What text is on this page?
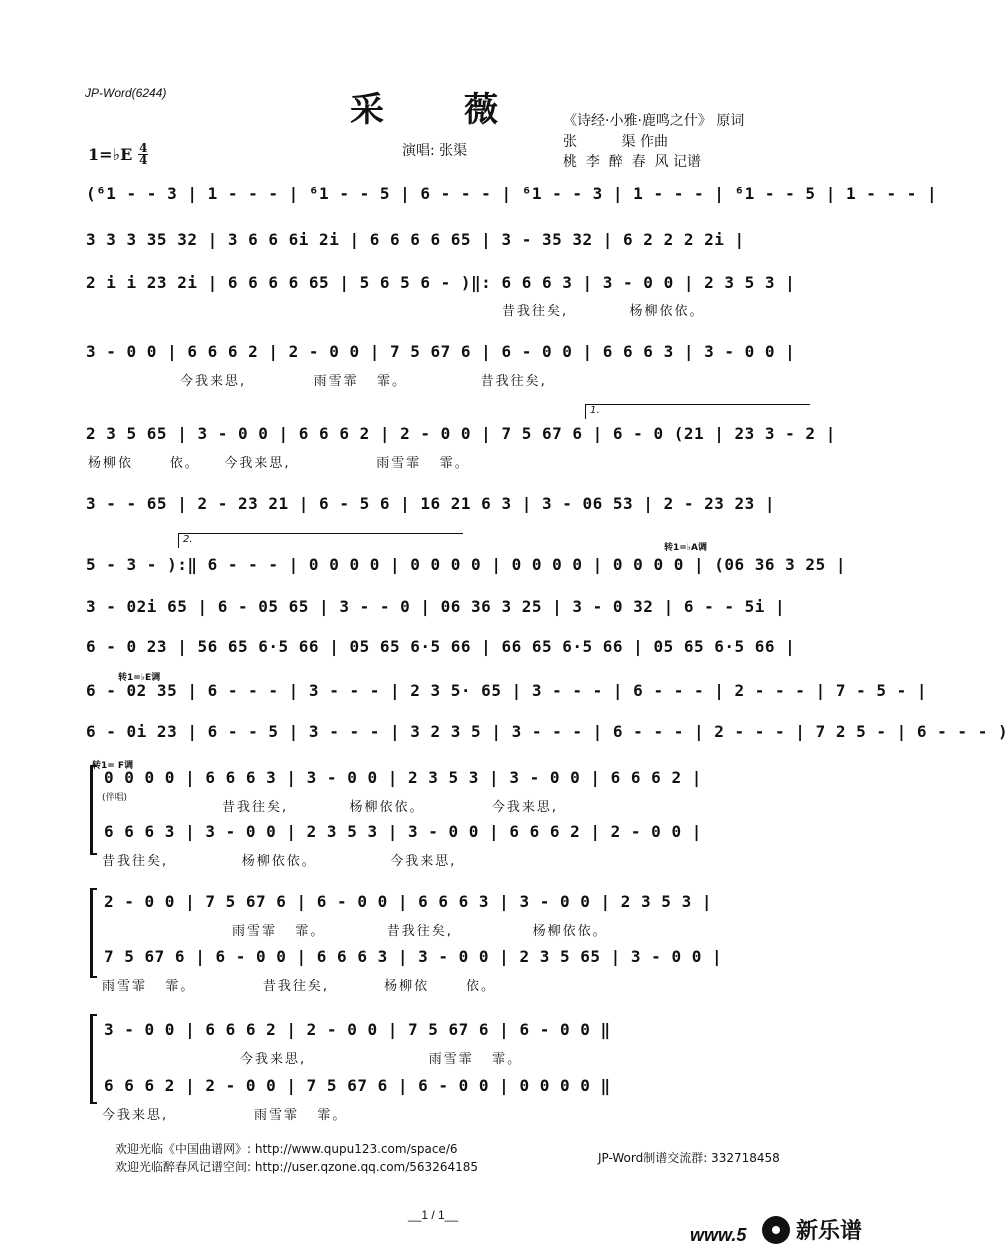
JP-Word(6244)	采薇
《诗经·小雅·鹿鸣之什》 原词
张          渠 作曲
桃  李  醉  春  风 记谱
1=♭E 4
4
演唱: 张渠
转1=♭A调
转1=♭E调
转1= F调
1.
2.
(⁶1 - - 3 | 1 - - - | ⁶1 - - 5 | 6 - - - | ⁶1 - - 3 | 1 - - - | ⁶1 - - 5 | 1 - - - |
3 3 3 35 32 | 3 6 6 6i 2i | 6 6 6 6 65 | 3 - 35 32 | 6 2 2 2 2i |
2 i i 23 2i | 6 6 6 6 65 | 5 6 5 6 - )‖: 6 6 6 3 | 3 - 0 0 | 2 3 5 3 |
昔我往矣,          杨柳依依。
3 - 0 0 | 6 6 6 2 | 2 - 0 0 | 7 5 67 6 | 6 - 0 0 | 6 6 6 3 | 3 - 0 0 |
今我来思,           雨雪霏   霏。            昔我往矣,
2 3 5 65 | 3 - 0 0 | 6 6 6 2 | 2 - 0 0 | 7 5 67 6 | 6 - 0 (21 | 23 3 - 2 |
杨柳依      依。    今我来思,              雨雪霏   霏。
3 - - 65 | 2 - 23 21 | 6 - 5 6 | 16 21 6 3 | 3 - 06 53 | 2 - 23 23 |
5 - 3 - ):‖ 6 - - - | 0 0 0 0 | 0 0 0 0 | 0 0 0 0 | 0 0 0 0 | (06 36 3 25 |
3 - 02i 65 | 6 - 05 65 | 3 - - 0 | 06 36 3 25 | 3 - 0 32 | 6 - - 5i |
6 - 0 23 | 56 65 6·5 66 | 05 65 6·5 66 | 66 65 6·5 66 | 05 65 6·5 66 |
6 - 02 35 | 6 - - - | 3 - - - | 2 3 5· 65 | 3 - - - | 6 - - - | 2 - - - | 7 - 5 - |
6 - 0i 23 | 6 - - 5 | 3 - - - | 3 2 3 5 | 3 - - - | 6 - - - | 2 - - - | 7 2 5 - | 6 - - - )
0 0 0 0 | 6 6 6 3 | 3 - 0 0 | 2 3 5 3 | 3 - 0 0 | 6 6 6 2 |
(伴唱)
昔我往矣,          杨柳依依。           今我来思,
6 6 6 3 | 3 - 0 0 | 2 3 5 3 | 3 - 0 0 | 6 6 6 2 | 2 - 0 0 |
昔我往矣,            杨柳依依。            今我来思,
2 - 0 0 | 7 5 67 6 | 6 - 0 0 | 6 6 6 3 | 3 - 0 0 | 2 3 5 3 |
雨雪霏   霏。          昔我往矣,             杨柳依依。
7 5 67 6 | 6 - 0 0 | 6 6 6 3 | 3 - 0 0 | 2 3 5 65 | 3 - 0 0 |
雨雪霏   霏。           昔我往矣,         杨柳依      依。
3 - 0 0 | 6 6 6 2 | 2 - 0 0 | 7 5 67 6 | 6 - 0 0 ‖
今我来思,                    雨雪霏   霏。
6 6 6 2 | 2 - 0 0 | 7 5 67 6 | 6 - 0 0 | 0 0 0 0 ‖
今我来思,              雨雪霏   霏。
欢迎光临《中国曲谱网》: http://www.qupu123.com/space/6
欢迎光临醉春风记谱空间: http://user.qzone.qq.com/563264185
JP-Word制谱交流群: 332718458
__1 / 1__
www.5 新乐谱
